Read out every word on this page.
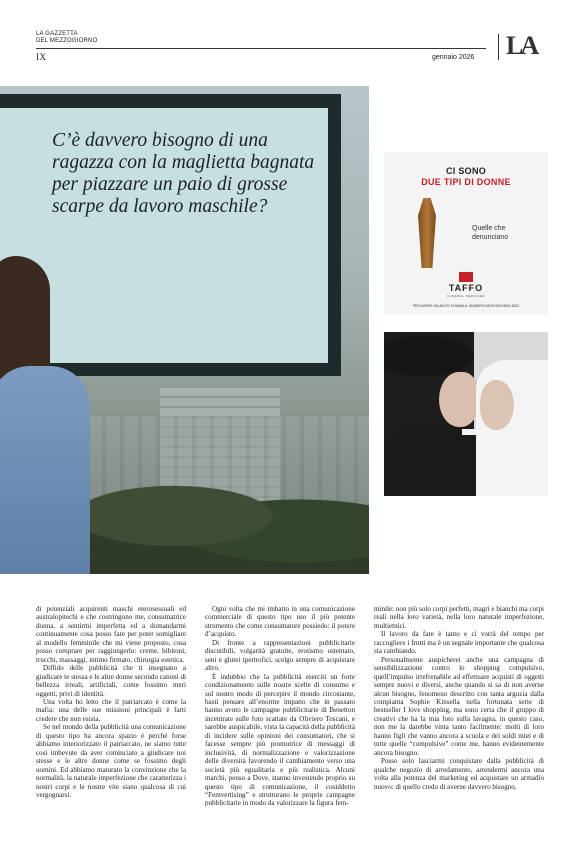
LA GAZZETTA
DEL MEZZOGIORNO
IX	gennaio 2026 LA
C’è davvero bisogno di una ragazza con la maglietta bagnata per piazzare un paio di grosse scarpe da lavoro maschile?
CI SONO
DUE TIPI DI DONNE
Quelle che denunciano
TAFFO
FUNERAL SERVICES
PER AVERE UN AIUTO CHIAMA IL NUMERO ANTIVIOLENZA 1522

di potenziali acquirenti maschi eterosessuali ed australopitechi e che costringono me, consumatrice donna, a sentirmi imperfetta ed a domandarmi continuamente cosa posso fare per poter somigliare al modello femminile che mi viene proposto, cosa posso comprare per raggiungerlo: creme, bibitoni, trucchi, massaggi, intimo firmato, chirurgia estetica.

Diffido delle pubblicità che ti insegnano a giudicare te stessa e le altre donne secondo canoni di bellezza irreali, artificiali, come fossimo meri oggetti, privi di identità.

Una volta ho letto che il patriarcato è come la mafia: una delle sue missioni principali è farti credere che non esista.

Se nel mondo della pubblicità una comunicazione di questo tipo ha ancora spazio è perché forse abbiamo interiorizzato il patriarcato, ne siamo tutte così imbevute da aver cominciato a giudicare noi stesse e le altre donne come se fossimo degli uomini. Ed abbiamo maturato la convinzione che la normalità, la naturale imperfezione che caratterizza i nostri corpi e le nostre vite siano qualcosa di cui vergognarsi.

Ogni volta che mi imbatto in una comunicazione commerciale di questo tipo uso il più potente strumento che come consumatore possiedo: il potere d’acquisto.

Di fronte a rappresentazioni pubblicitarie discutibili, volgarità gratuite, erotismo ostentato, seni e glutei ipertrofici, scelgo sempre di acquistare altro.

È indubbio che la pubblicità eserciti un forte condizionamento sulle nostre scelte di consumo e sul nostro modo di percepire il mondo circostante, basti pensare all’enorme impatto che in passato hanno avuto le campagne pubblicitarie di Benetton incentrate sulle foto scattate da Oliviero Toscani, e sarebbe auspicabile, vista la capacità della pubblicità di incidere sulle opinioni dei consumatori, che si facesse sempre più promotrice di messaggi di inclusività, di normalizzazione e valorizzazione delle diversità favorendo il cambiamento verso una società più egualitaria e più realistica. Alcuni marchi, penso a Dove, stanno investendo proprio su questo tipo di comunicazione, il cosiddetto “Femvertising” e strutturano le proprie campagne pubblicitarie in modo da valorizzare la figura fem-

minile: non più solo corpi perfetti, magri e bianchi ma corpi reali nella loro varietà, nella loro naturale imperfezione, multietnici.

Il lavoro da fare è tanto e ci vorrà del tempo per raccogliere i frutti ma è un segnale importante che qualcosa sta cambiando.

Personalmente auspicherei anche una campagna di sensibilizzazione contro lo shopping compulsivo, quell’impulso irrefrenabile ad effettuare acquisti di oggetti sempre nuovi e diversi, anche quando si sa di non averne alcun bisogno, fenomeno descritto con tanta arguzia dalla compianta Sophie Kinsella nella fortunata serie di bestseller I love shopping, ma sono certa che il gruppo di creativi che ha la mia foto sulla lavagna, in questo caso, non me la darebbe vinta tanto facilmente: molti di loro hanno figli che vanno ancora a scuola e dei soldi miei e di tutte quelle “compulsive” come me, hanno evidentemente ancora bisogno.

Posso solo lasciarmi conquistare dalla pubblicità di qualche negozio di arredamento, arrendermi ancora una volta alla potenza del marketing ed acquistare un armadio nuovo: di quello credo di averne davvero bisogno.
